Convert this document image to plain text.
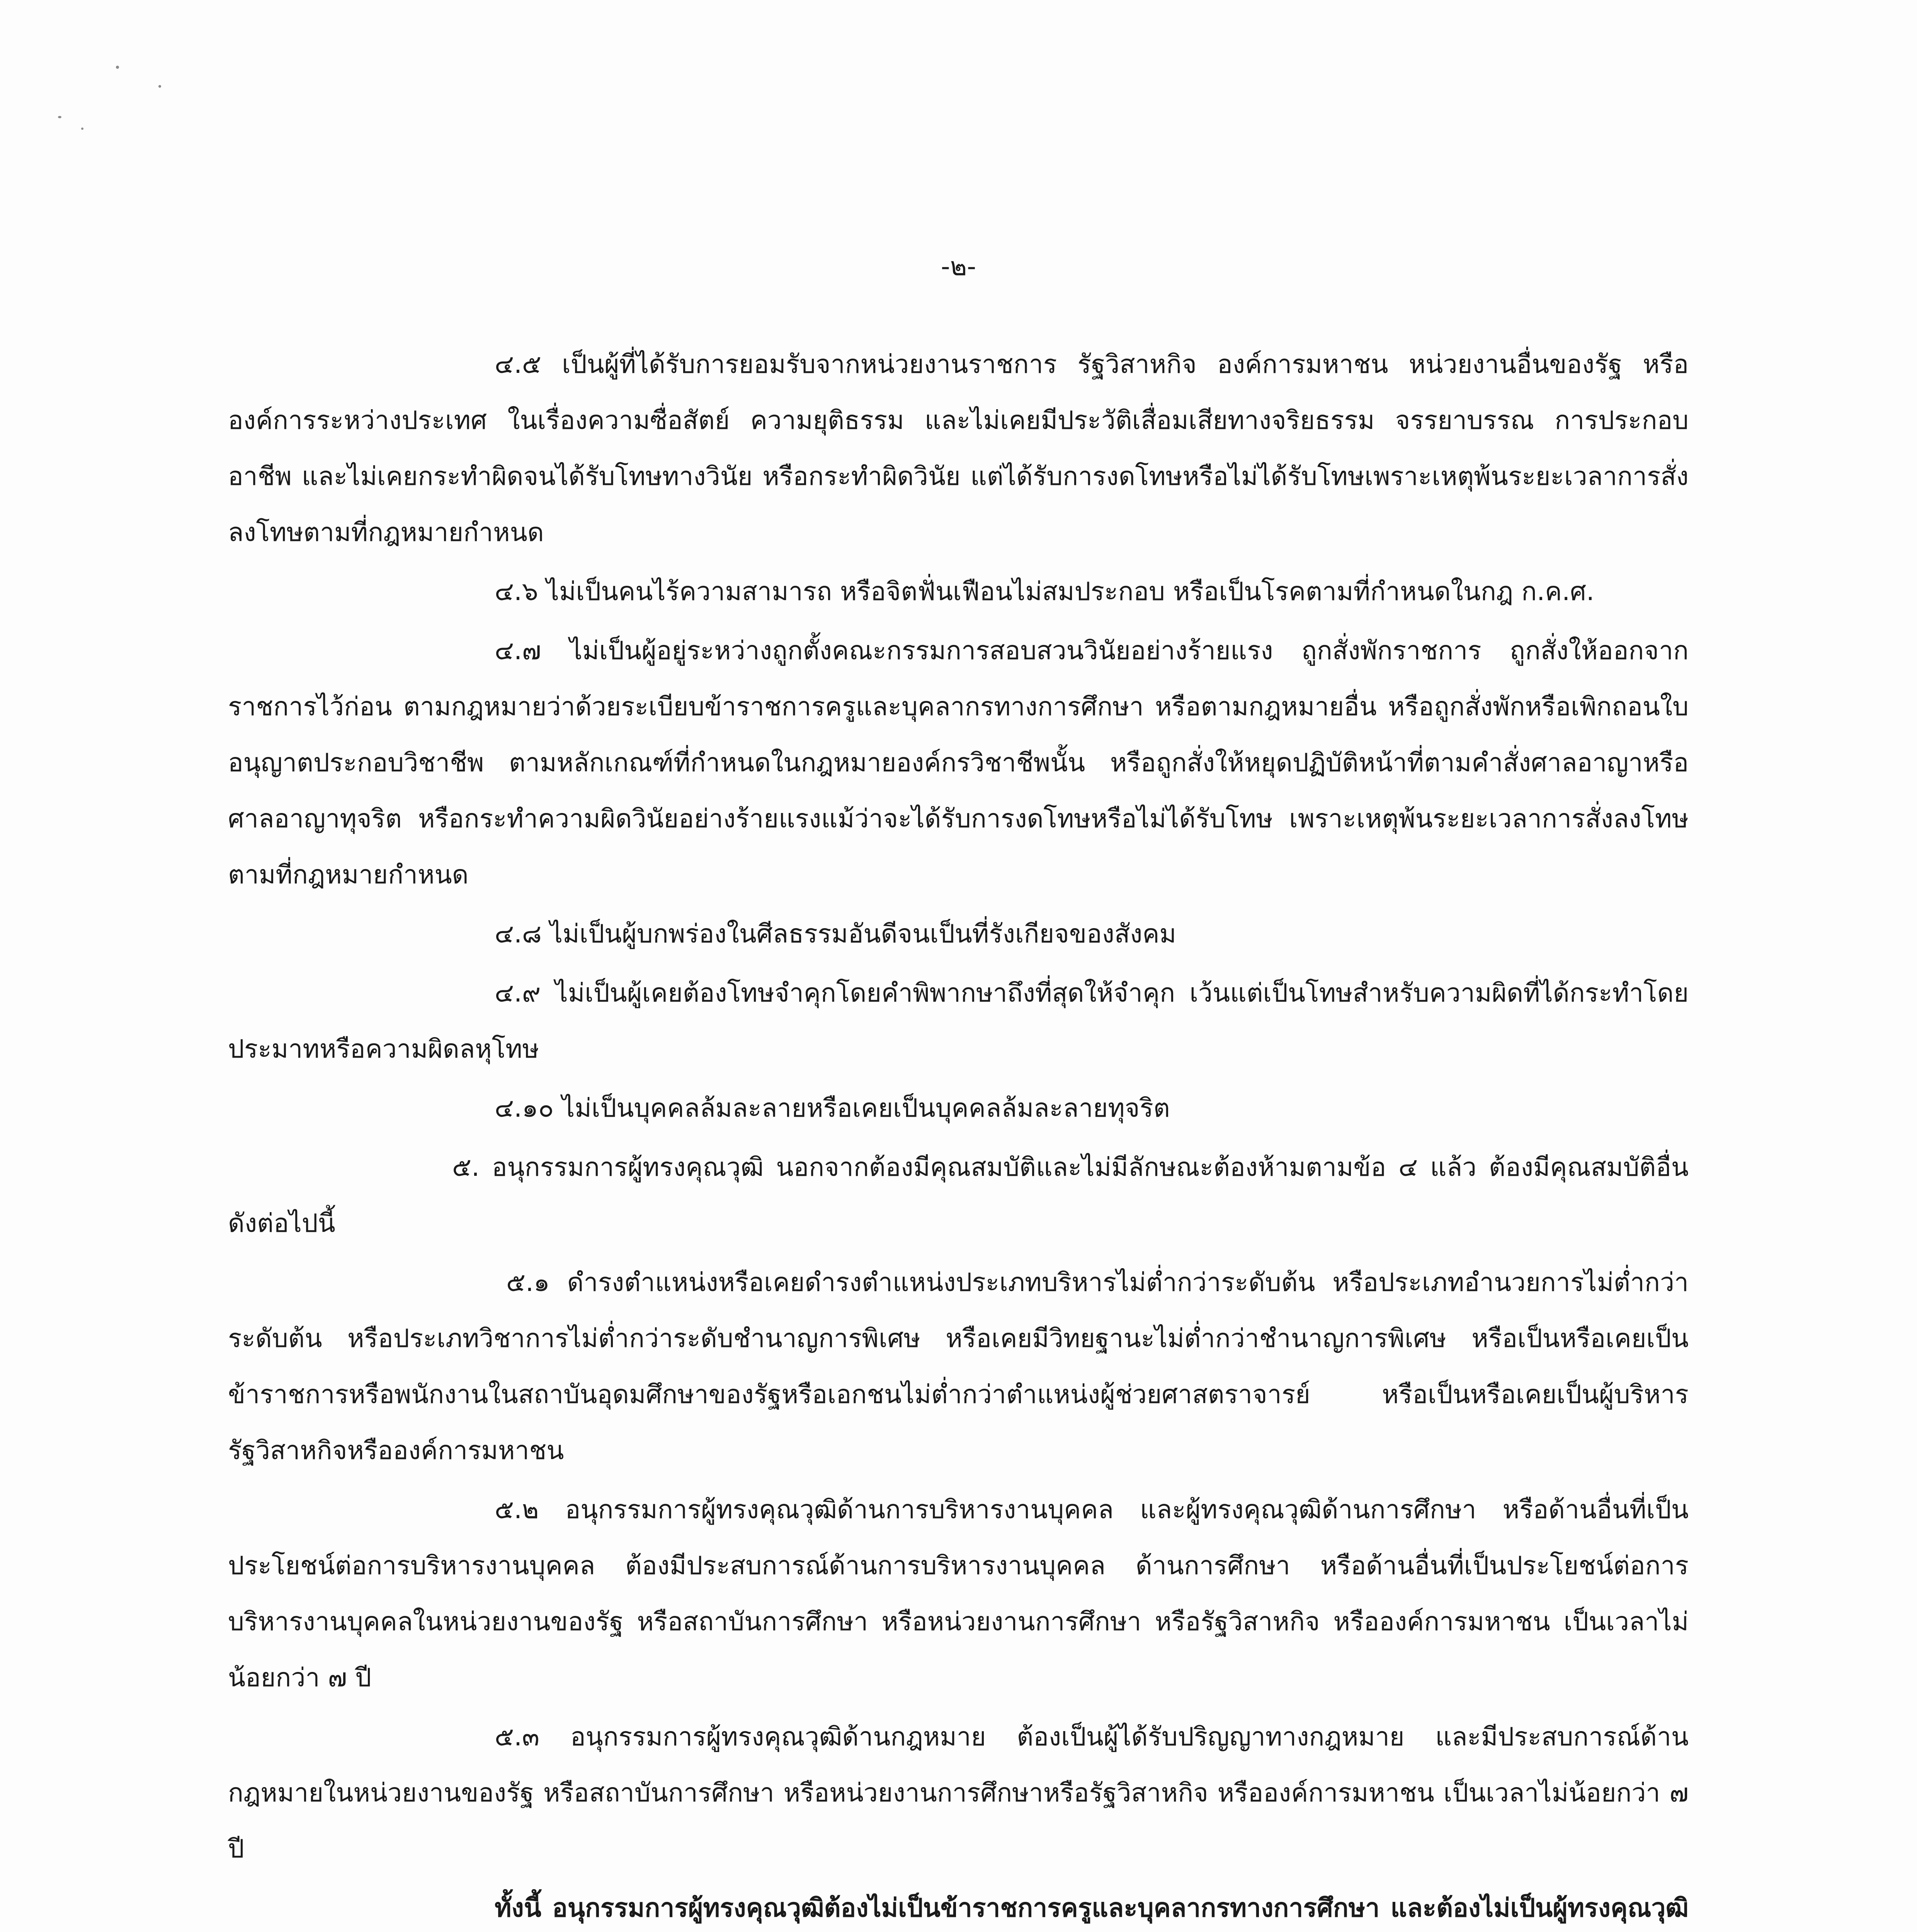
-๒-

๔.๕ เป็นผู้ที่ได้รับการยอมรับจากหน่วยงานราชการ รัฐวิสาหกิจ องค์การมหาชน หน่วยงานอื่นของรัฐ หรือองค์การระหว่างประเทศ ในเรื่องความซื่อสัตย์ ความยุติธรรม และไม่เคยมีประวัติเสื่อมเสียทางจริยธรรม จรรยาบรรณ การประกอบอาชีพ และไม่เคยกระทำผิดจนได้รับโทษทางวินัย หรือกระทำผิดวินัย แต่ได้รับการงดโทษหรือไม่ได้รับโทษเพราะเหตุพ้นระยะเวลาการสั่งลงโทษตามที่กฎหมายกำหนด

๔.๖ ไม่เป็นคนไร้ความสามารถ หรือจิตฟั่นเฟือนไม่สมประกอบ หรือเป็นโรคตามที่กำหนดในกฎ ก.ค.ศ.

๔.๗ ไม่เป็นผู้อยู่ระหว่างถูกตั้งคณะกรรมการสอบสวนวินัยอย่างร้ายแรง ถูกสั่งพักราชการ ถูกสั่งให้ออกจากราชการไว้ก่อน ตามกฎหมายว่าด้วยระเบียบข้าราชการครูและบุคลากรทางการศึกษา หรือตามกฎหมายอื่น หรือถูกสั่งพักหรือเพิกถอนใบอนุญาตประกอบวิชาชีพ ตามหลักเกณฑ์ที่กำหนดในกฎหมายองค์กรวิชาชีพนั้น หรือถูกสั่งให้หยุดปฏิบัติหน้าที่ตามคำสั่งศาลอาญาหรือศาลอาญาทุจริต หรือกระทำความผิดวินัยอย่างร้ายแรงแม้ว่าจะได้รับการงดโทษหรือไม่ได้รับโทษ เพราะเหตุพ้นระยะเวลาการสั่งลงโทษตามที่กฎหมายกำหนด

๔.๘ ไม่เป็นผู้บกพร่องในศีลธรรมอันดีจนเป็นที่รังเกียจของสังคม

๔.๙ ไม่เป็นผู้เคยต้องโทษจำคุกโดยคำพิพากษาถึงที่สุดให้จำคุก เว้นแต่เป็นโทษสำหรับความผิดที่ได้กระทำโดยประมาทหรือความผิดลหุโทษ

๔.๑๐ ไม่เป็นบุคคลล้มละลายหรือเคยเป็นบุคคลล้มละลายทุจริต

๕. อนุกรรมการผู้ทรงคุณวุฒิ นอกจากต้องมีคุณสมบัติและไม่มีลักษณะต้องห้ามตามข้อ ๔ แล้ว ต้องมีคุณสมบัติอื่น ดังต่อไปนี้

๕.๑ ดำรงตำแหน่งหรือเคยดำรงตำแหน่งประเภทบริหารไม่ต่ำกว่าระดับต้น หรือประเภทอำนวยการไม่ต่ำกว่าระดับต้น หรือประเภทวิชาการไม่ต่ำกว่าระดับชำนาญการพิเศษ หรือเคยมีวิทยฐานะไม่ต่ำกว่าชำนาญการพิเศษ หรือเป็นหรือเคยเป็นข้าราชการหรือพนักงานในสถาบันอุดมศึกษาของรัฐหรือเอกชนไม่ต่ำกว่าตำแหน่งผู้ช่วยศาสตราจารย์ หรือเป็นหรือเคยเป็นผู้บริหารรัฐวิสาหกิจหรือองค์การมหาชน

๕.๒ อนุกรรมการผู้ทรงคุณวุฒิด้านการบริหารงานบุคคล และผู้ทรงคุณวุฒิด้านการศึกษา หรือด้านอื่นที่เป็นประโยชน์ต่อการบริหารงานบุคคล ต้องมีประสบการณ์ด้านการบริหารงานบุคคล ด้านการศึกษา หรือด้านอื่นที่เป็นประโยชน์ต่อการบริหารงานบุคคลในหน่วยงานของรัฐ หรือสถาบันการศึกษา หรือหน่วยงานการศึกษา หรือรัฐวิสาหกิจ หรือองค์การมหาชน เป็นเวลาไม่น้อยกว่า ๗ ปี

๕.๓ อนุกรรมการผู้ทรงคุณวุฒิด้านกฎหมาย ต้องเป็นผู้ได้รับปริญญาทางกฎหมาย และมีประสบการณ์ด้านกฎหมายในหน่วยงานของรัฐ หรือสถาบันการศึกษา หรือหน่วยงานการศึกษาหรือรัฐวิสาหกิจ หรือองค์การมหาชน เป็นเวลาไม่น้อยกว่า ๗ ปี

ทั้งนี้ อนุกรรมการผู้ทรงคุณวุฒิต้องไม่เป็นข้าราชการครูและบุคลากรทางการศึกษา และต้องไม่เป็นผู้ทรงคุณวุฒิ
